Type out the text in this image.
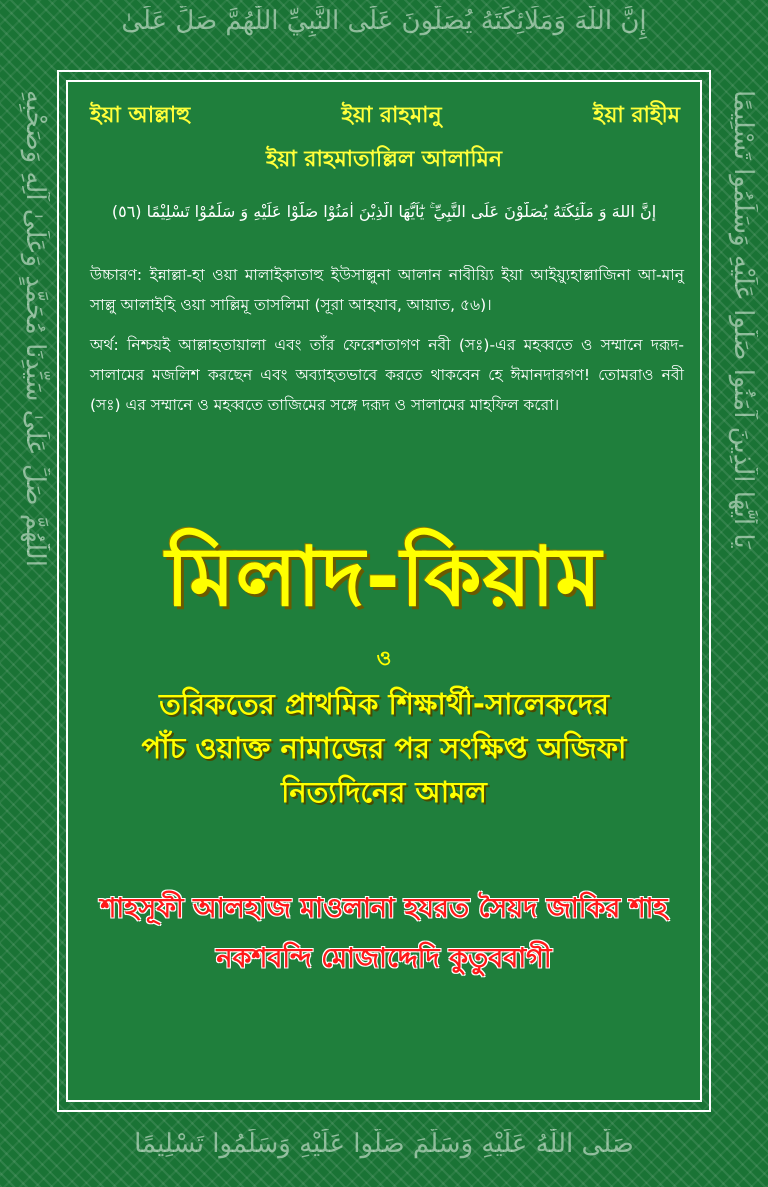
إِنَّ اللَّهَ وَمَلَائِكَتَهُ يُصَلُّونَ عَلَى النَّبِيِّ اللّٰهُمَّ صَلِّ عَلَىٰ
صَلَّى اللّٰهُ عَلَيْهِ وَسَلَّمَ صَلُّوا عَلَيْهِ وَسَلِّمُوا تَسْلِيمًا
اللّٰهُمَّ صَلِّ عَلَىٰ سَيِّدِنَا مُحَمَّدٍ وَعَلَىٰ آلِهِ وَصَحْبِهِ	يَا أَيُّهَا الَّذِينَ آمَنُوا صَلُّوا عَلَيْهِ وَسَلِّمُوا تَسْلِيمًا
ইয়া আল্লাহু	ইয়া রাহমানু	ইয়া রাহীম
ইয়া রাহমাতাল্লিল আলামিন
إِنَّ اللهَ وَ مَلٰٓئِكَتَهُ يُصَلُّوْنَ عَلَى النَّبِيِّ ۚ يٰٓاَيُّهَا الَّذِيْنَ اٰمَنُوْا صَلُّوْا عَلَيْهِ وَ سَلِّمُوْا تَسْلِيْمًا (٥٦)
উচ্চারণ: ইন্নাল্লা-হা ওয়া মালাইকাতাহু ইউসাল্লুনা আলান নাবীয়্যি ইয়া আইয়্যুহাল্লাজিনা আ-মানু সাল্লু আলাইহি ওয়া সাল্লিমূ তাসলিমা (সূরা আহযাব, আয়াত, ৫৬)।
অর্থ: নিশ্চয়ই আল্লাহতায়ালা এবং তাঁর ফেরেশতাগণ নবী (সঃ)-এর মহব্বতে ও সম্মানে দরূদ-সালামের মজলিশ করছেন এবং অব্যাহতভাবে করতে থাকবেন হে ঈমানদারগণ! তোমরাও নবী (সঃ) এর সম্মানে ও মহব্বতে তাজিমের সঙ্গে দরূদ ও সালামের মাহফিল করো।
মিলাদ-কিয়াম
ও
তরিকতের প্রাথমিক শিক্ষার্থী-সালেকদের
পাঁচ ওয়াক্ত নামাজের পর সংক্ষিপ্ত অজিফা
নিত্যদিনের আমল
শাহসূফী আলহাজ মাওলানা হযরত সৈয়দ জাকির শাহ
নকশবন্দি মোজাদ্দেদি কুতুববাগী
